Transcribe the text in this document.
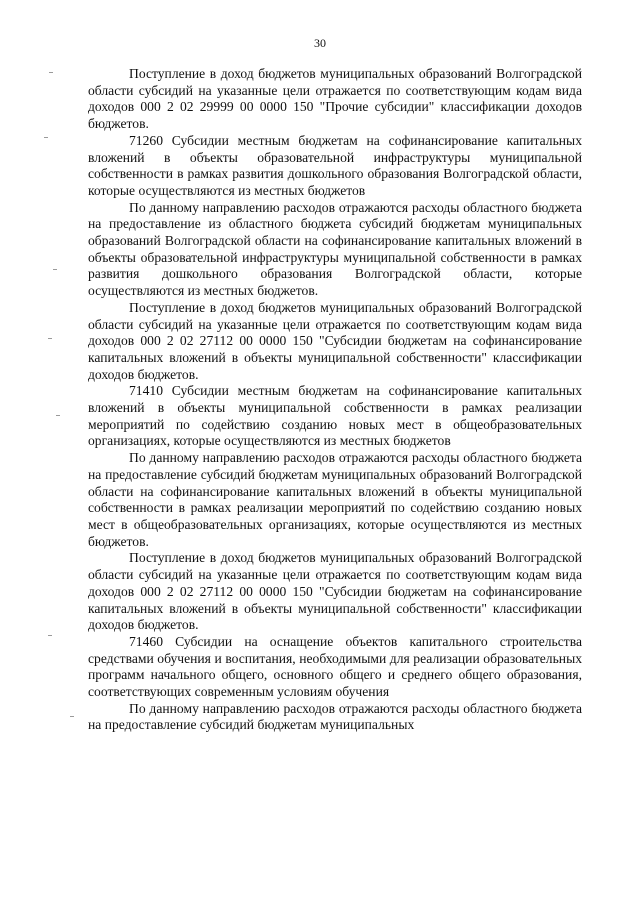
30

Поступление в доход бюджетов муниципальных образований Волгоградской области субсидий на указанные цели отражается по соответствующим кодам вида доходов 000 2 02 29999 00 0000 150 "Прочие субсидии" классификации доходов бюджетов.

71260 Субсидии местным бюджетам на софинансирование капитальных вложений в объекты образовательной инфраструктуры муниципальной собственности в рамках развития дошкольного образования Волгоградской области, которые осуществляются из местных бюджетов

По данному направлению расходов отражаются расходы областного бюджета на предоставление из областного бюджета субсидий бюджетам муниципальных образований Волгоградской области на софинансирование капитальных вложений в объекты образовательной инфраструктуры муниципальной собственности в рамках развития дошкольного образования Волгоградской области, которые осуществляются из местных бюджетов.

Поступление в доход бюджетов муниципальных образований Волгоградской области субсидий на указанные цели отражается по соответствующим кодам вида доходов 000 2 02 27112 00 0000 150 "Субсидии бюджетам на софинансирование капитальных вложений в объекты муниципальной собственности" классификации доходов бюджетов.

71410 Субсидии местным бюджетам на софинансирование капитальных вложений в объекты муниципальной собственности в рамках реализации мероприятий по содействию созданию новых мест в общеобразовательных организациях, которые осуществляются из местных бюджетов

По данному направлению расходов отражаются расходы областного бюджета на предоставление субсидий бюджетам муниципальных образований Волгоградской области на софинансирование капитальных вложений в объекты муниципальной собственности в рамках реализации мероприятий по содействию созданию новых мест в общеобразовательных организациях, которые осуществляются из местных бюджетов.

Поступление в доход бюджетов муниципальных образований Волгоградской области субсидий на указанные цели отражается по соответствующим кодам вида доходов 000 2 02 27112 00 0000 150 "Субсидии бюджетам на софинансирование капитальных вложений в объекты муниципальной собственности" классификации доходов бюджетов.

71460 Субсидии на оснащение объектов капитального строительства средствами обучения и воспитания, необходимыми для реализации образовательных программ начального общего, основного общего и среднего общего образования, соответствующих современным условиям обучения

По данному направлению расходов отражаются расходы областного бюджета на предоставление субсидий бюджетам муниципальных
